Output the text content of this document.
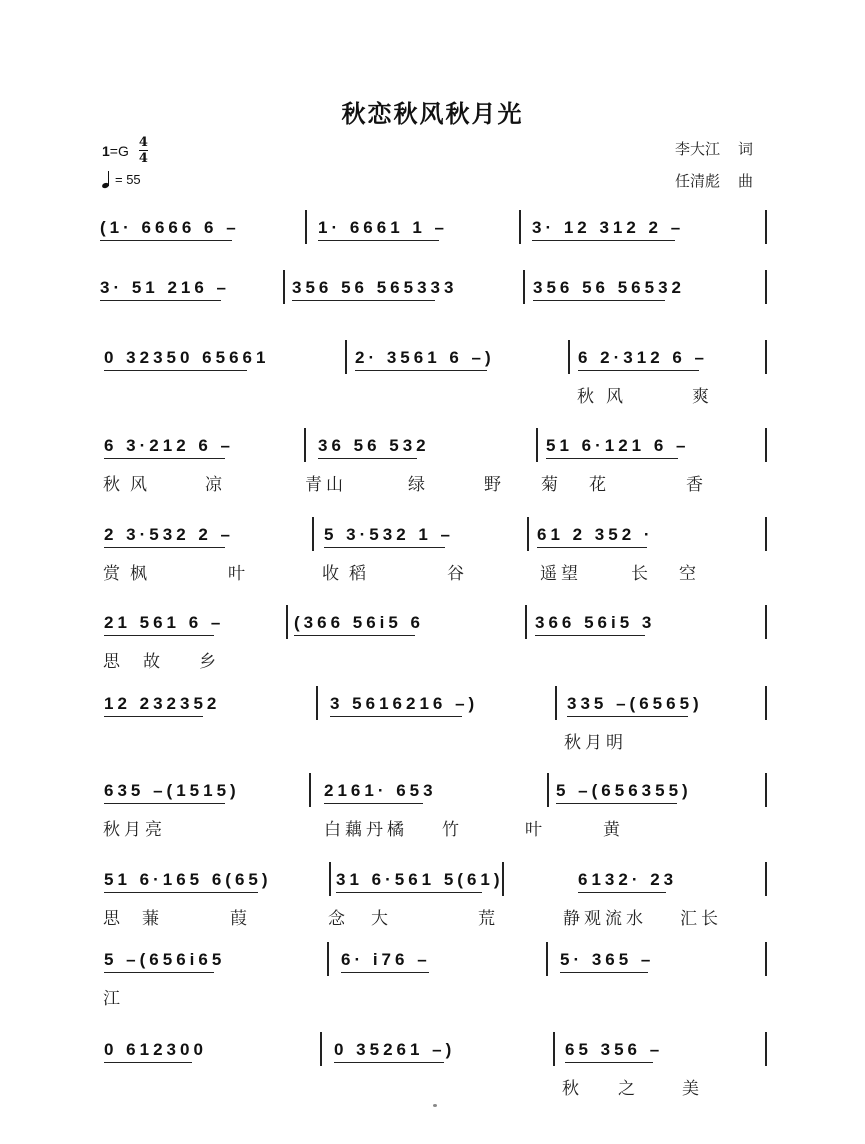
秋恋秋风秋月光
$1 =G \frac{4}{4}$
= 55
李大江 词
任清彪 曲
(1· 6666 6 –	1· 6661 1 –	3· 12 312 2 –
3· 51 216 –	356 56 565333	356 56 56532
0 32350 65661	2· 3561 6 –)	6 2·312 6 –
秋 风	爽
6 3·212 6 –	36 56 532	51 6·121 6 –
秋 风	凉	青山	绿	野 菊 花	香
2 3·532 2 –	5 3·532 1 –	61 2 352 ·
赏 枫	叶	收 稻	谷	遥望	长 空
21 561 6 –	(366 56i5 6	366 56i5 3
思 故 乡
12 232352	3 5616216 –)	335 –(6565)
秋月明
635 –(1515)	2161· 653	5 –(656355)
秋月亮	白藕丹橘 竹	叶	黄
51 6·165 6(65)	31 6·561 5(61)	6132· 23
思 蒹	葭	念 大	荒	静观流水 汇长
5 –(656i65	6· i76 –	5· 365 –
江
0 612300	0 35261 –)	65 356 –
秋 之	美
